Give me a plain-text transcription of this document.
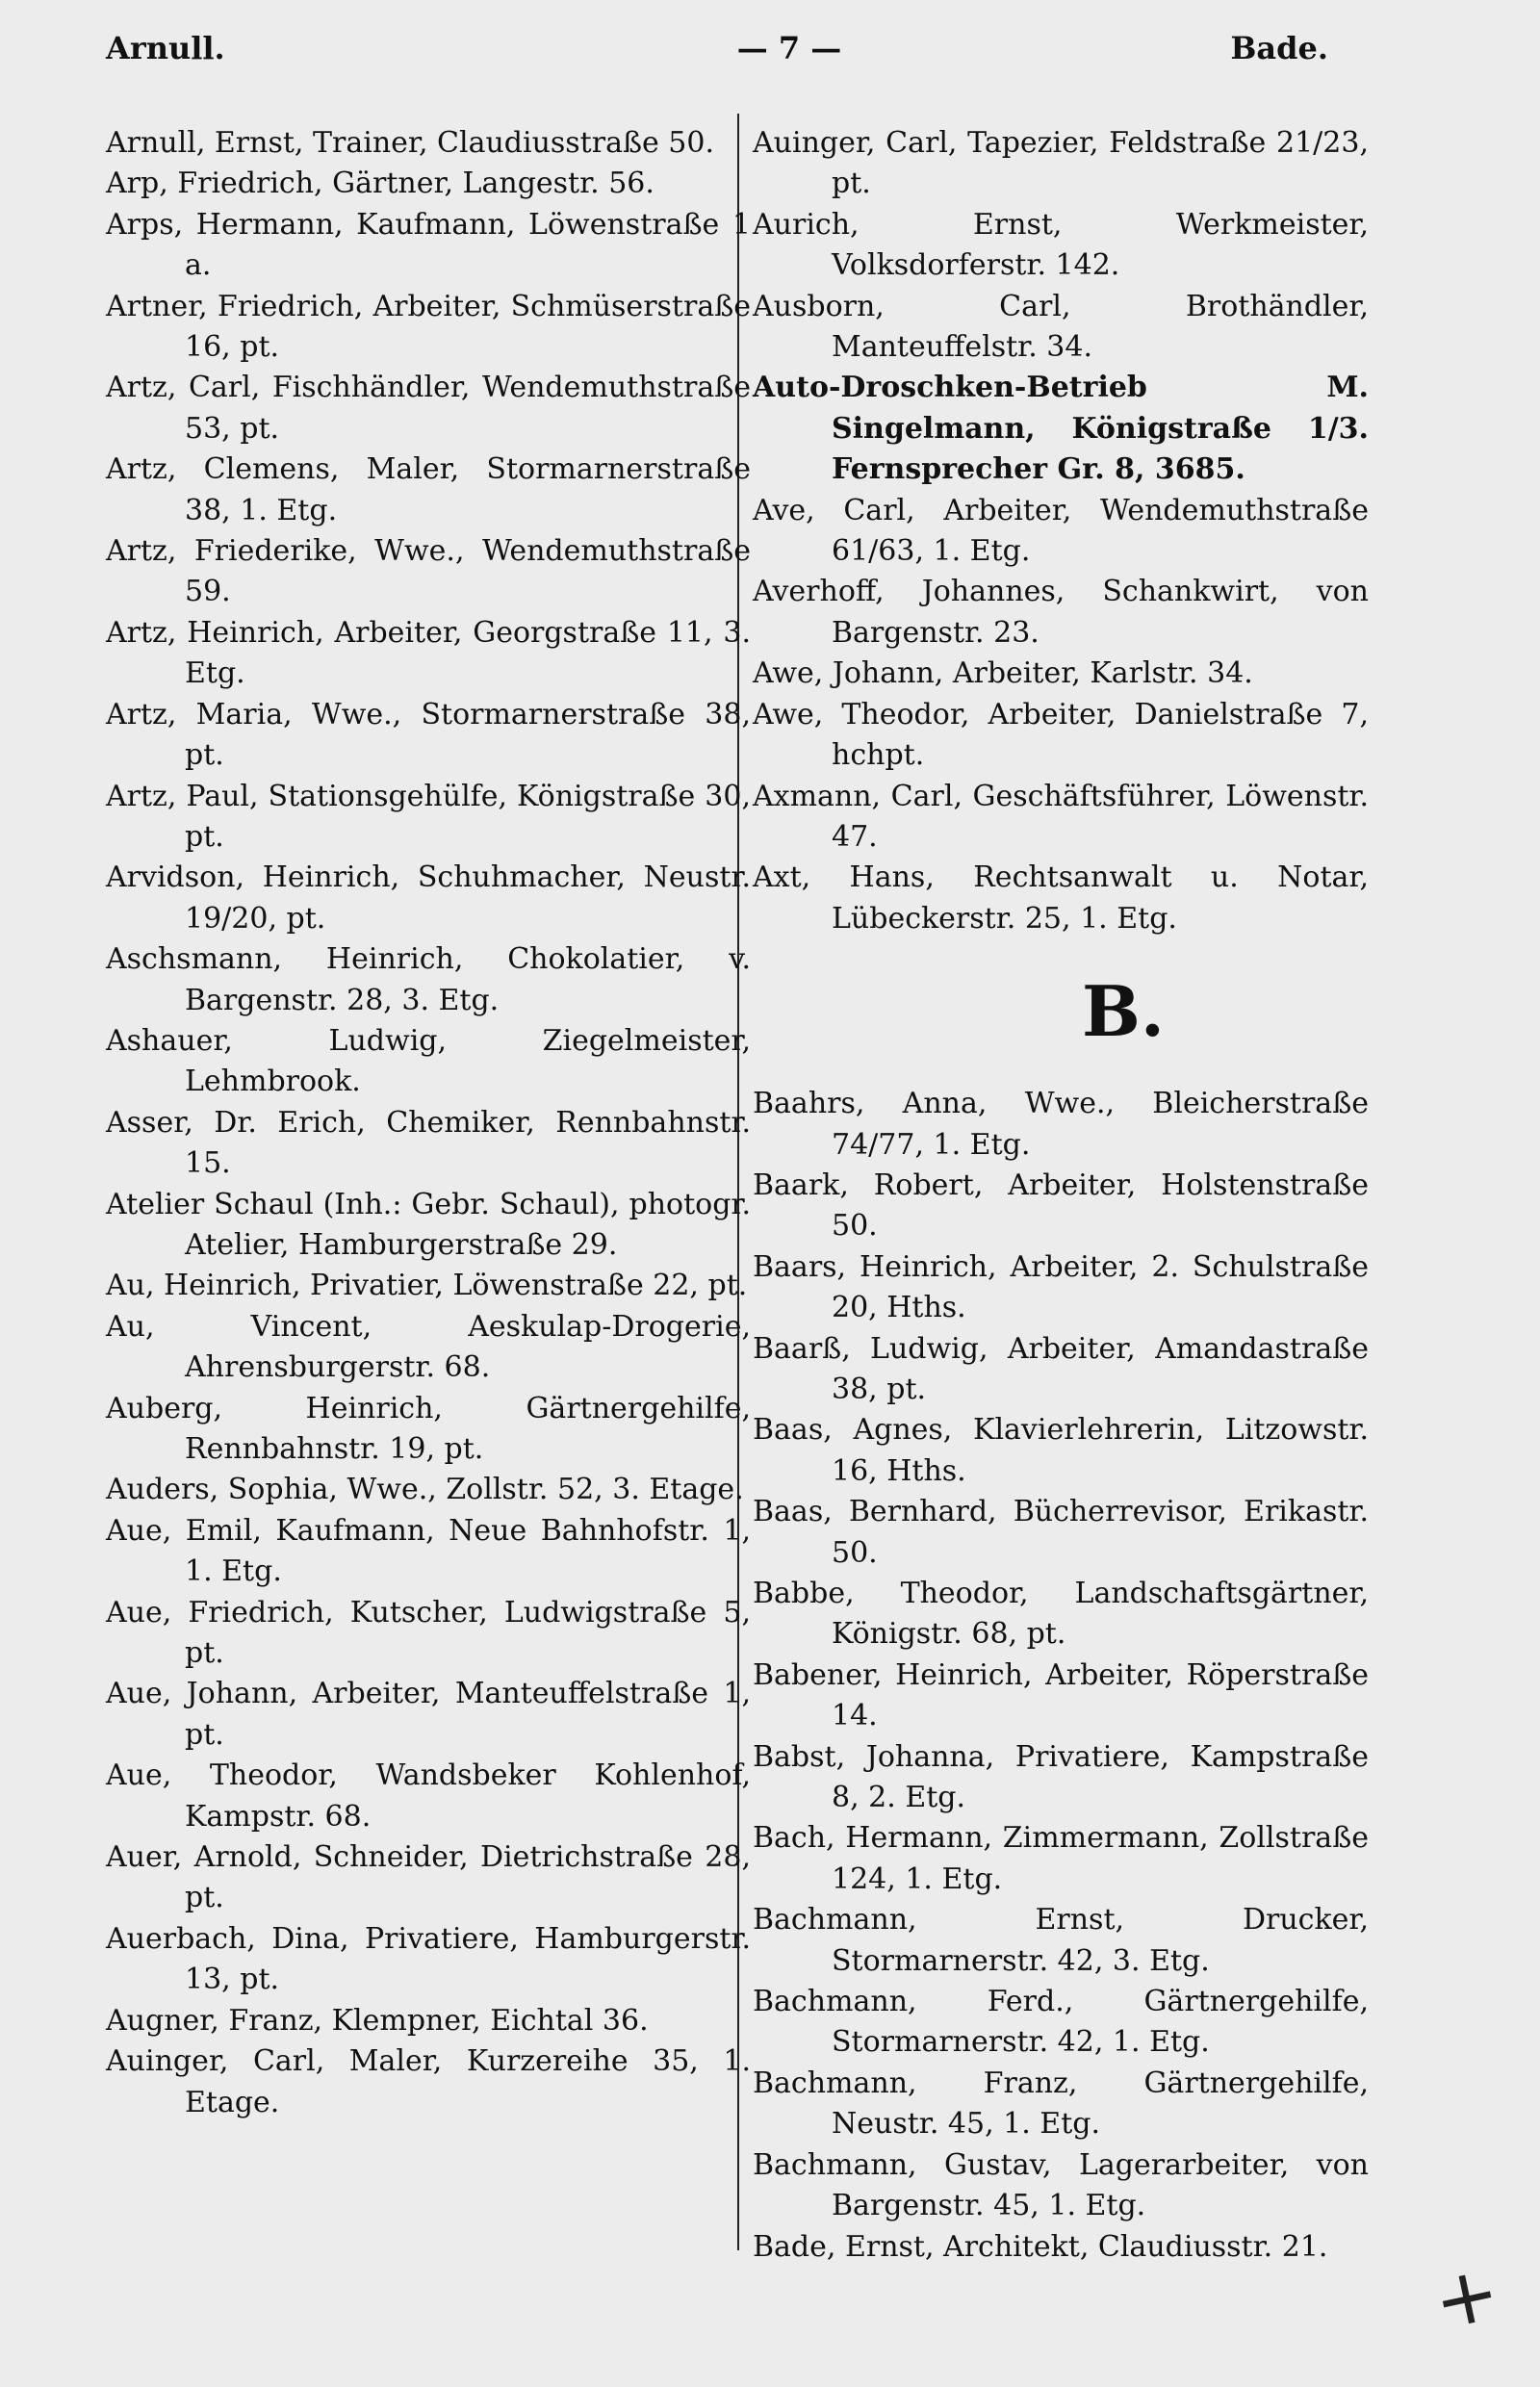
Arnull.	— 7 —	Bade.

Arnull, Ernst, Trainer, Claudiusstraße 50.

Arp, Friedrich, Gärtner, Langestr. 56.

Arps, Hermann, Kaufmann, Löwenstraße 1 a.

Artner, Friedrich, Arbeiter, Schmüserstraße 16, pt.

Artz, Carl, Fischhändler, Wendemuthstraße 53, pt.

Artz, Clemens, Maler, Stormarnerstraße 38, 1. Etg.

Artz, Friederike, Wwe., Wendemuthstraße 59.

Artz, Heinrich, Arbeiter, Georgstraße 11, 3. Etg.

Artz, Maria, Wwe., Stormarnerstraße 38, pt.

Artz, Paul, Stationsgehülfe, Königstraße 30, pt.

Arvidson, Heinrich, Schuhmacher, Neustr. 19/20, pt.

Aschsmann, Heinrich, Chokolatier, v. Bargenstr. 28, 3. Etg.

Ashauer, Ludwig, Ziegelmeister, Lehmbrook.

Asser, Dr. Erich, Chemiker, Rennbahnstr. 15.

Atelier Schaul (Inh.: Gebr. Schaul), photogr. Atelier, Hamburgerstraße 29.

Au, Heinrich, Privatier, Löwenstraße 22, pt.

Au, Vincent, Aeskulap-Drogerie, Ahrensburgerstr. 68.

Auberg, Heinrich, Gärtnergehilfe, Rennbahnstr. 19, pt.

Auders, Sophia, Wwe., Zollstr. 52, 3. Etage.

Aue, Emil, Kaufmann, Neue Bahnhofstr. 1, 1. Etg.

Aue, Friedrich, Kutscher, Ludwigstraße 5, pt.

Aue, Johann, Arbeiter, Manteuffelstraße 1, pt.

Aue, Theodor, Wandsbeker Kohlenhof, Kampstr. 68.

Auer, Arnold, Schneider, Dietrichstraße 28, pt.

Auerbach, Dina, Privatiere, Hamburgerstr. 13, pt.

Augner, Franz, Klempner, Eichtal 36.

Auinger, Carl, Maler, Kurzereihe 35, 1. Etage.

Auinger, Carl, Tapezier, Feldstraße 21/23, pt.

Aurich, Ernst, Werkmeister, Volksdorferstr. 142.

Ausborn, Carl, Brothändler, Manteuffelstr. 34.

Auto-Droschken-Betrieb M. Singelmann, Königstraße 1/3. Fernsprecher Gr. 8, 3685.

Ave, Carl, Arbeiter, Wendemuthstraße 61/63, 1. Etg.

Averhoff, Johannes, Schankwirt, von Bargenstr. 23.

Awe, Johann, Arbeiter, Karlstr. 34.

Awe, Theodor, Arbeiter, Danielstraße 7, hchpt.

Axmann, Carl, Geschäftsführer, Löwenstr. 47.

Axt, Hans, Rechtsanwalt u. Notar, Lübeckerstr. 25, 1. Etg.

B.

Baahrs, Anna, Wwe., Bleicherstraße 74/77, 1. Etg.

Baark, Robert, Arbeiter, Holstenstraße 50.

Baars, Heinrich, Arbeiter, 2. Schulstraße 20, Hths.

Baarß, Ludwig, Arbeiter, Amandastraße 38, pt.

Baas, Agnes, Klavierlehrerin, Litzowstr. 16, Hths.

Baas, Bernhard, Bücherrevisor, Erikastr. 50.

Babbe, Theodor, Landschaftsgärtner, Königstr. 68, pt.

Babener, Heinrich, Arbeiter, Röperstraße 14.

Babst, Johanna, Privatiere, Kampstraße 8, 2. Etg.

Bach, Hermann, Zimmermann, Zollstraße 124, 1. Etg.

Bachmann, Ernst, Drucker, Stormarnerstr. 42, 3. Etg.

Bachmann, Ferd., Gärtnergehilfe, Stormarnerstr. 42, 1. Etg.

Bachmann, Franz, Gärtnergehilfe, Neustr. 45, 1. Etg.

Bachmann, Gustav, Lagerarbeiter, von Bargenstr. 45, 1. Etg.

Bade, Ernst, Architekt, Claudiusstr. 21.

+
